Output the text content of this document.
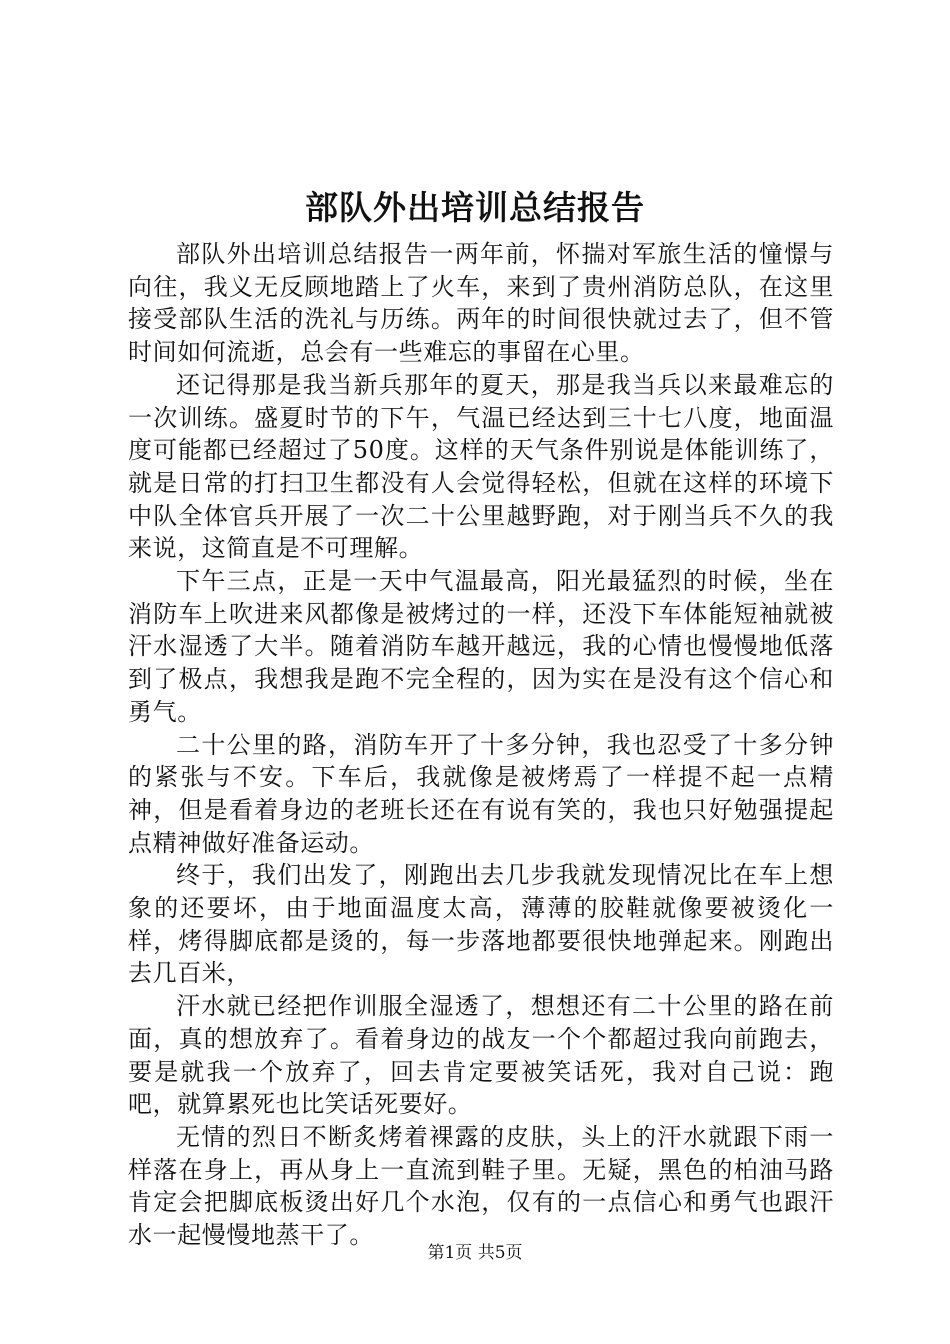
部队外出培训总结报告

部队外出培训总结报告一两年前，怀揣对军旅生活的憧憬与向往，我义无反顾地踏上了火车，来到了贵州消防总队，在这里接受部队生活的洗礼与历练。两年的时间很快就过去了，但不管时间如何流逝，总会有一些难忘的事留在心里。

还记得那是我当新兵那年的夏天，那是我当兵以来最难忘的一次训练。盛夏时节的下午，气温已经达到三十七八度，地面温度可能都已经超过了50度。这样的天气条件别说是体能训练了，就是日常的打扫卫生都没有人会觉得轻松，但就在这样的环境下中队全体官兵开展了一次二十公里越野跑，对于刚当兵不久的我来说，这简直是不可理解。

下午三点，正是一天中气温最高，阳光最猛烈的时候，坐在消防车上吹进来风都像是被烤过的一样，还没下车体能短袖就被汗水湿透了大半。随着消防车越开越远，我的心情也慢慢地低落到了极点，我想我是跑不完全程的，因为实在是没有这个信心和勇气。

二十公里的路，消防车开了十多分钟，我也忍受了十多分钟的紧张与不安。下车后，我就像是被烤焉了一样提不起一点精神，但是看着身边的老班长还在有说有笑的，我也只好勉强提起点精神做好准备运动。

终于，我们出发了，刚跑出去几步我就发现情况比在车上想象的还要坏，由于地面温度太高，薄薄的胶鞋就像要被烫化一样，烤得脚底都是烫的，每一步落地都要很快地弹起来。刚跑出去几百米，

汗水就已经把作训服全湿透了，想想还有二十公里的路在前面，真的想放弃了。看着身边的战友一个个都超过我向前跑去，要是就我一个放弃了，回去肯定要被笑话死，我对自己说：跑吧，就算累死也比笑话死要好。

无情的烈日不断炙烤着裸露的皮肤，头上的汗水就跟下雨一样落在身上，再从身上一直流到鞋子里。无疑，黑色的柏油马路肯定会把脚底板烫出好几个水泡，仅有的一点信心和勇气也跟汗水一起慢慢地蒸干了。

第1页 共5页
